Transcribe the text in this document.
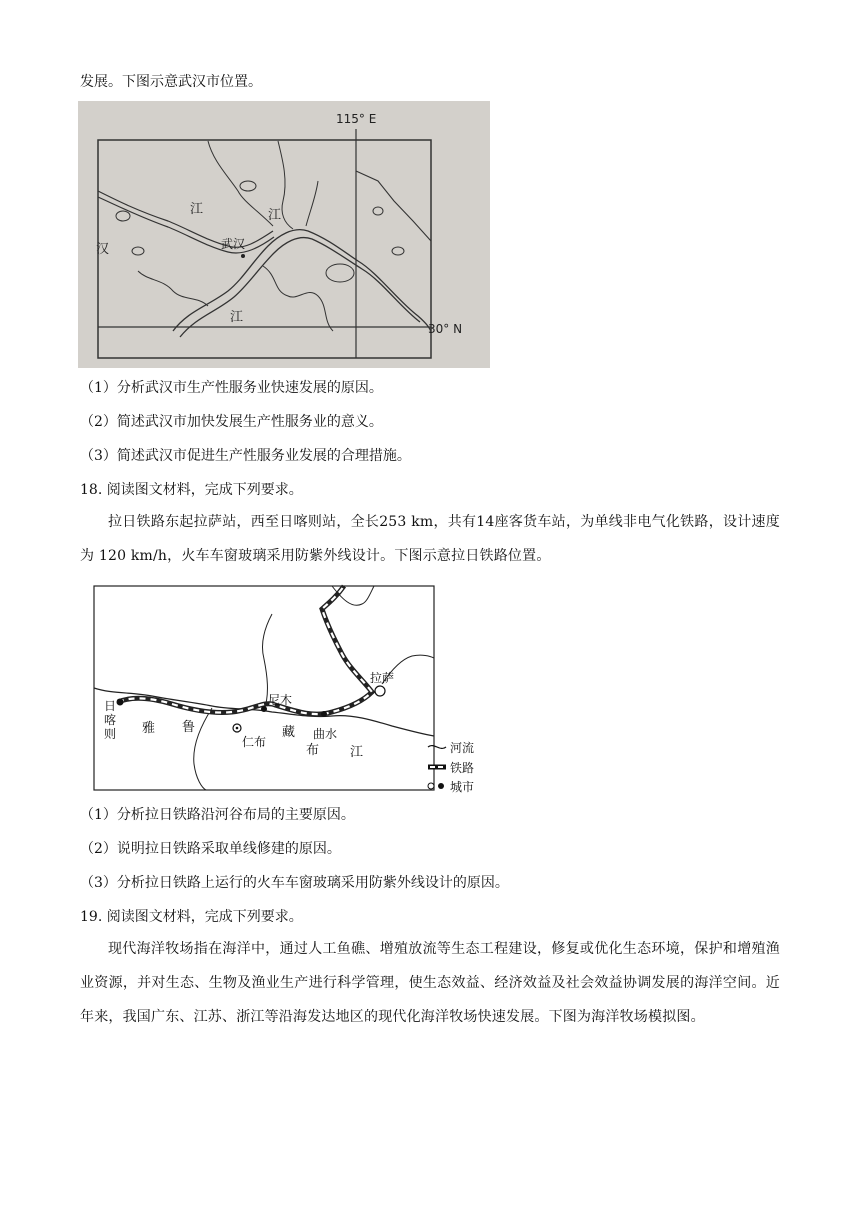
发展。下图示意武汉市位置。
115° E
30° N
武汉
汉
江	江
江
（1）分析武汉市生产性服务业快速发展的原因。
（2）简述武汉市加快发展生产性服务业的意义。
（3）简述武汉市促进生产性服务业发展的合理措施。
18. 阅读图文材料，完成下列要求。

拉日铁路东起拉萨站，西至日喀则站，全长253 km，共有14座客货车站，为单线非电气化铁路，设计速度为 120 km/h，火车车窗玻璃采用防紫外线设计。下图示意拉日铁路位置。

日
喀
则
尼木
曲水
拉萨
仁布
雅 鲁	藏
布 江	河流
铁路
城市
（1）分析拉日铁路沿河谷布局的主要原因。
（2）说明拉日铁路采取单线修建的原因。
（3）分析拉日铁路上运行的火车车窗玻璃采用防紫外线设计的原因。
19. 阅读图文材料，完成下列要求。

现代海洋牧场指在海洋中，通过人工鱼礁、增殖放流等生态工程建设，修复或优化生态环境，保护和增殖渔业资源，并对生态、生物及渔业生产进行科学管理，使生态效益、经济效益及社会效益协调发展的海洋空间。近年来，我国广东、江苏、浙江等沿海发达地区的现代化海洋牧场快速发展。下图为海洋牧场模拟图。
